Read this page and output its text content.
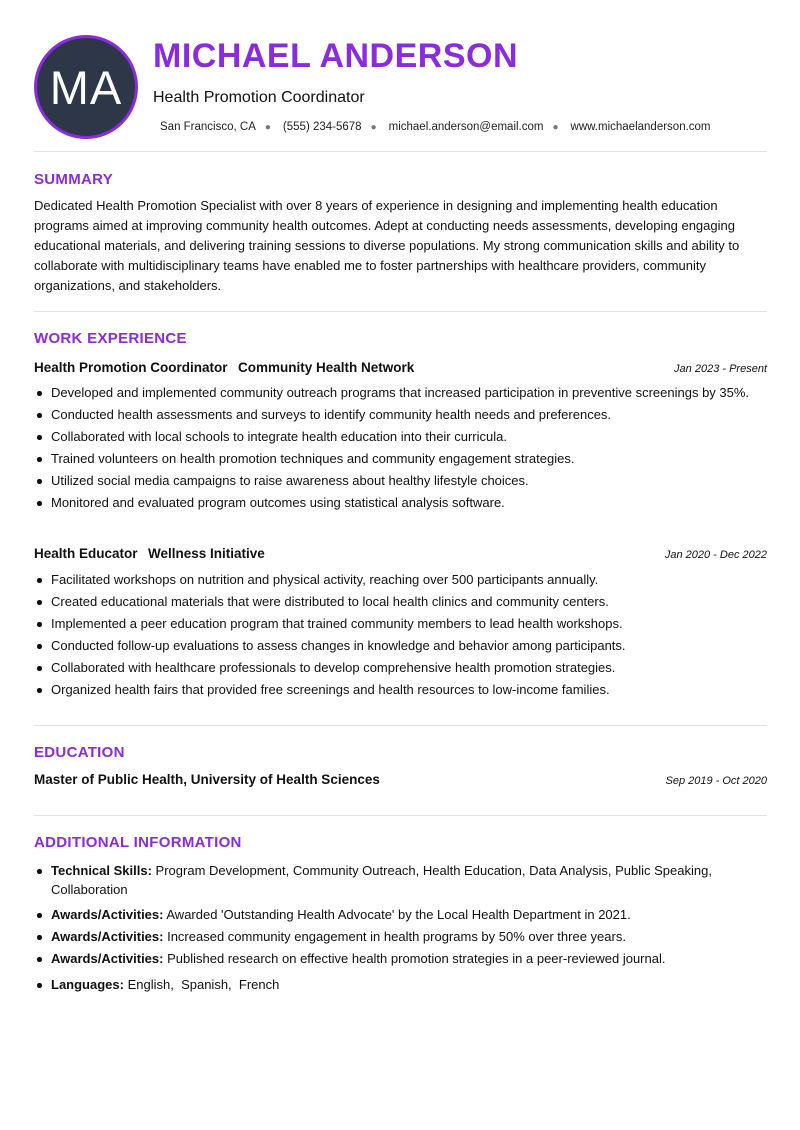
MA
MICHAEL ANDERSON
Health Promotion Coordinator
San Francisco, CA ● (555) 234-5678 ● michael.anderson@email.com ● www.michaelanderson.com
SUMMARY

Dedicated Health Promotion Specialist with over 8 years of experience in designing and implementing health education programs aimed at improving community health outcomes. Adept at conducting needs assessments, developing engaging educational materials, and delivering training sessions to diverse populations. My strong communication skills and ability to collaborate with multidisciplinary teams have enabled me to foster partnerships with healthcare providers, community organizations, and stakeholders.

WORK EXPERIENCE
Health Promotion Coordinator Community Health Network	Jan 2023 - Present
Developed and implemented community outreach programs that increased participation in preventive screenings by 35%.
Conducted health assessments and surveys to identify community health needs and preferences.
Collaborated with local schools to integrate health education into their curricula.
Trained volunteers on health promotion techniques and community engagement strategies.
Utilized social media campaigns to raise awareness about healthy lifestyle choices.
Monitored and evaluated program outcomes using statistical analysis software.
Health Educator Wellness Initiative	Jan 2020 - Dec 2022
Facilitated workshops on nutrition and physical activity, reaching over 500 participants annually.
Created educational materials that were distributed to local health clinics and community centers.
Implemented a peer education program that trained community members to lead health workshops.
Conducted follow-up evaluations to assess changes in knowledge and behavior among participants.
Collaborated with healthcare professionals to develop comprehensive health promotion strategies.
Organized health fairs that provided free screenings and health resources to low-income families.
EDUCATION
Master of Public Health, University of Health Sciences	Sep 2019 - Oct 2020
ADDITIONAL INFORMATION
Technical Skills: Program Development, Community Outreach, Health Education, Data Analysis, Public Speaking, Collaboration
Awards/Activities: Awarded 'Outstanding Health Advocate' by the Local Health Department in 2021.
Awards/Activities: Increased community engagement in health programs by 50% over three years.
Awards/Activities: Published research on effective health promotion strategies in a peer-reviewed journal.
Languages: English,  Spanish,  French
